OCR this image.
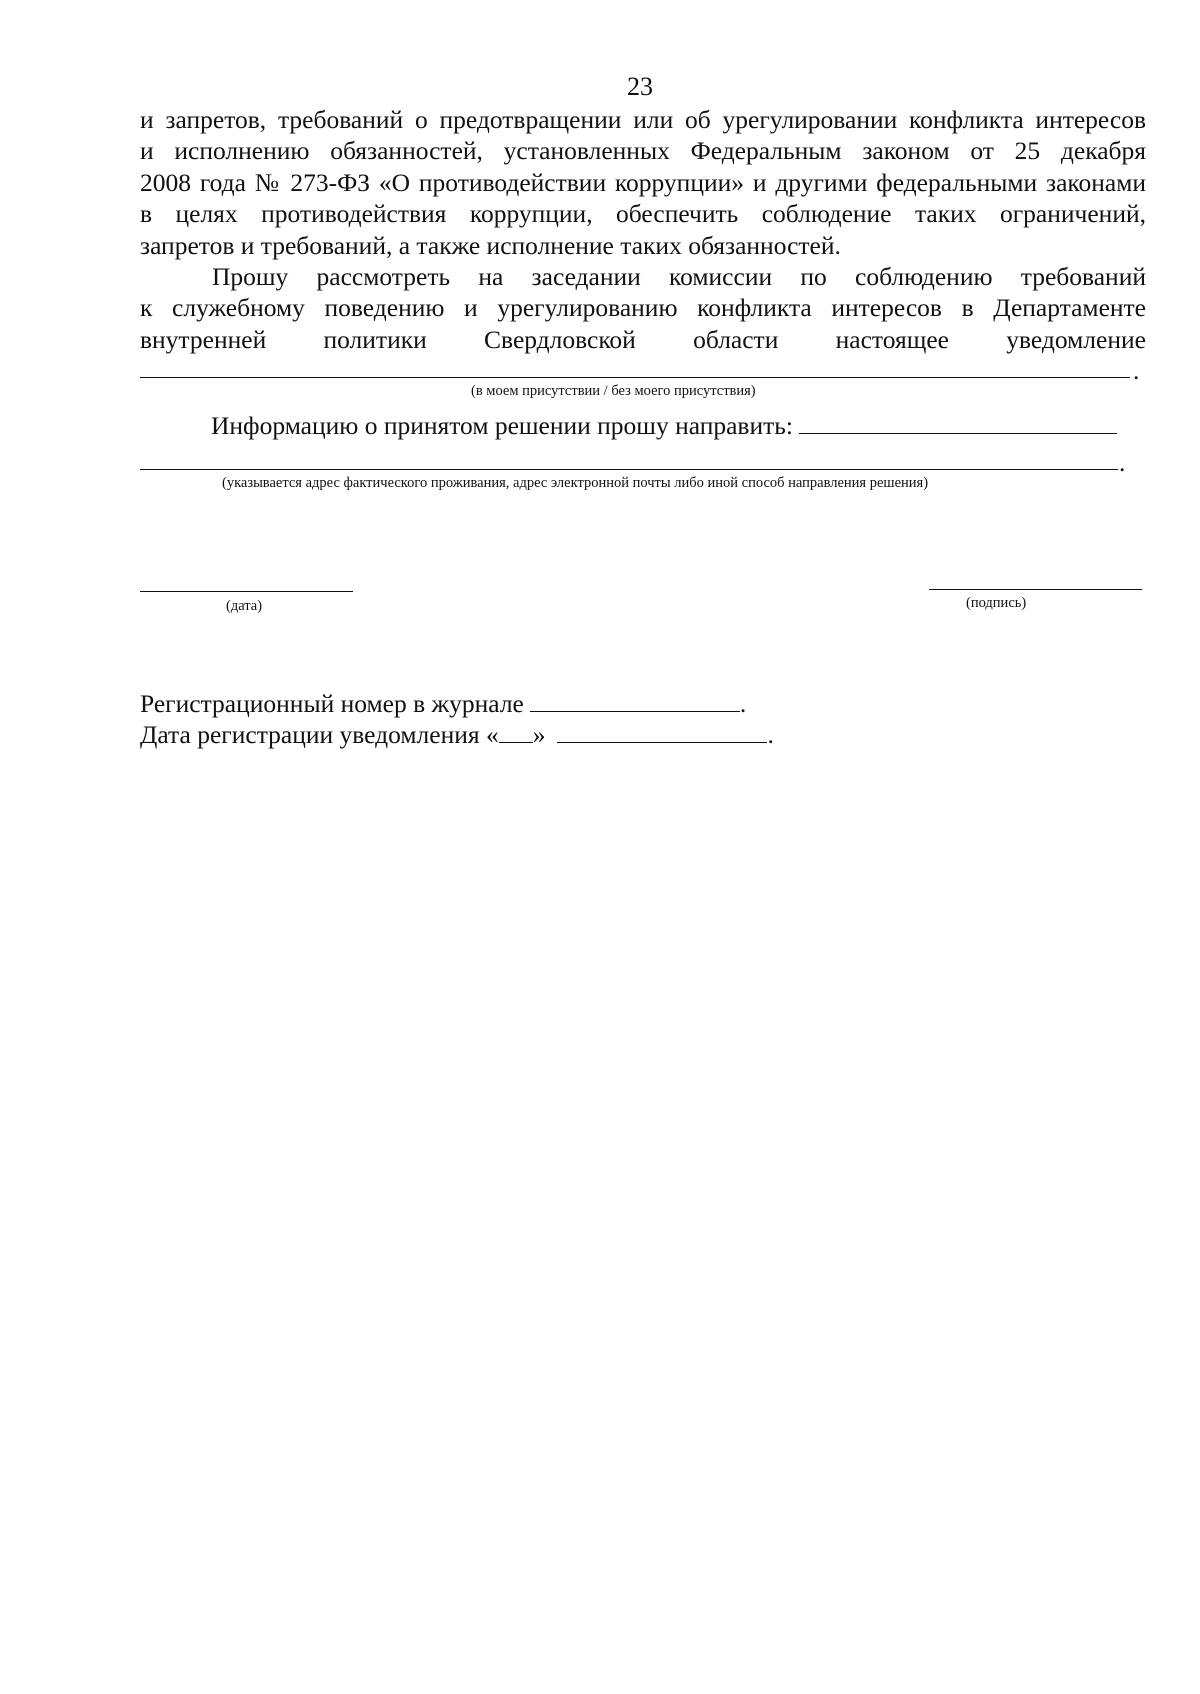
23
и запретов, требований о предотвращении или об урегулировании конфликта интересов
и исполнению обязанностей, установленных Федеральным законом от 25 декабря
2008 года № 273-ФЗ «О противодействии коррупции» и другими федеральными законами
в целях противодействия коррупции, обеспечить соблюдение таких ограничений,
запретов и требований, а также исполнение таких обязанностей.
Прошу рассмотреть на заседании комиссии по соблюдению требований
к служебному поведению и урегулированию конфликта интересов в Департаменте
внутренней политики Свердловской области настоящее уведомление
.
(в моем присутствии / без моего присутствия)
Информацию о принятом решении прошу направить:
.
(указывается адрес фактического проживания, адрес электронной почты либо иной способ направления решения)
(дата)	(подпись)
Регистрационный номер в журнале	.
Дата регистрации уведомления « »	.
